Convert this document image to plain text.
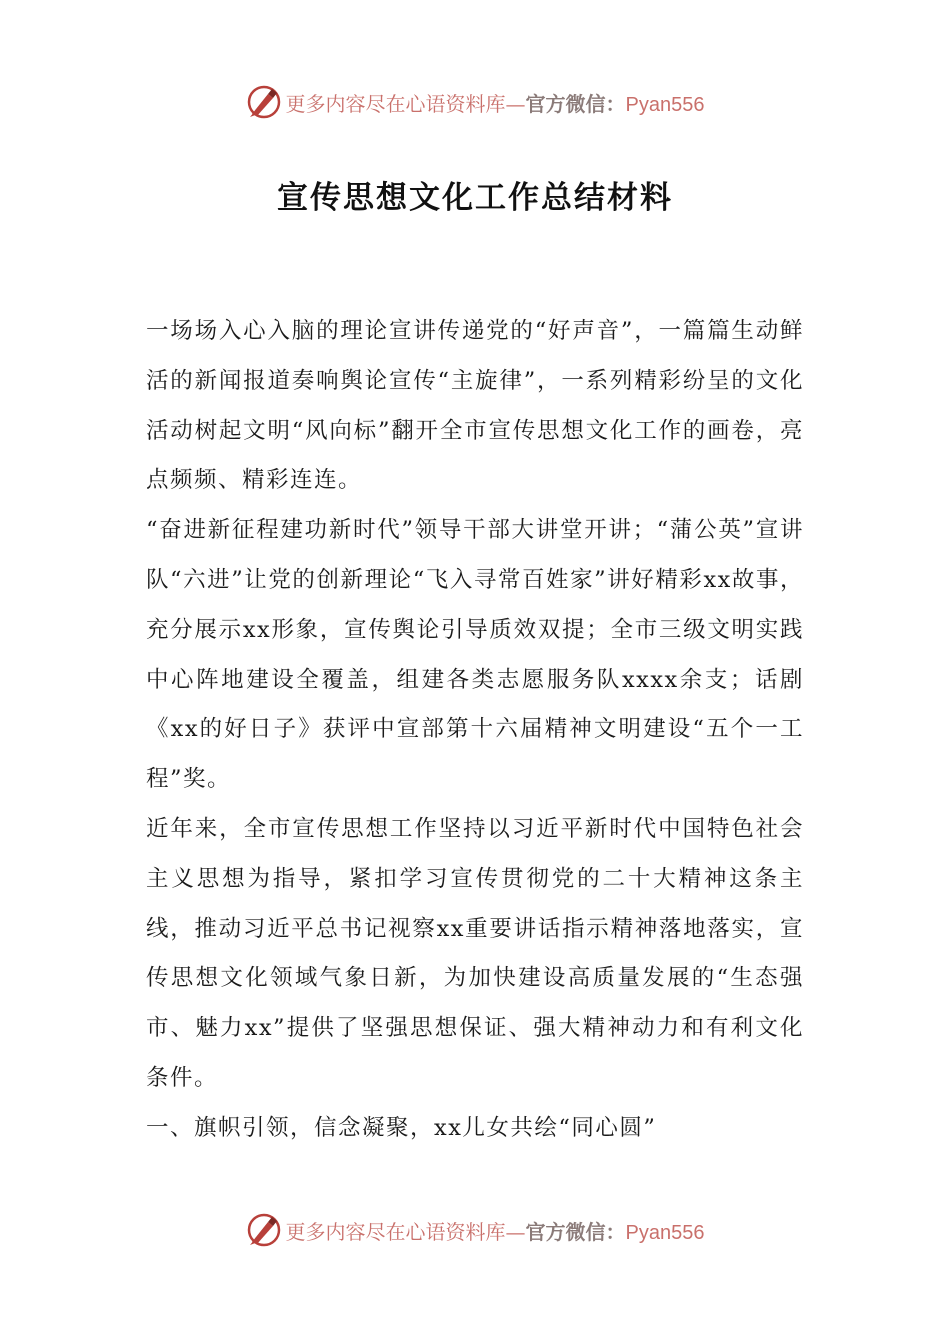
更多内容尽在心语资料库—官方微信：Pyan556
宣传思想文化工作总结材料

一场场入心入脑的理论宣讲传递党的“好声音”，一篇篇生动鲜活的新闻报道奏响舆论宣传“主旋律”，一系列精彩纷呈的文化活动树起文明“风向标”翻开全市宣传思想文化工作的画卷，亮点频频、精彩连连。

“奋进新征程建功新时代”领导干部大讲堂开讲；“蒲公英”宣讲队“六进”让党的创新理论“飞入寻常百姓家”讲好精彩xx故事，充分展示xx形象，宣传舆论引导质效双提；全市三级文明实践中心阵地建设全覆盖，组建各类志愿服务队xxxx余支；话剧《xx的好日子》获评中宣部第十六届精神文明建设“五个一工程”奖。

近年来，全市宣传思想工作坚持以习近平新时代中国特色社会主义思想为指导，紧扣学习宣传贯彻党的二十大精神这条主线，推动习近平总书记视察xx重要讲话指示精神落地落实，宣传思想文化领域气象日新，为加快建设高质量发展的“生态强市、魅力xx”提供了坚强思想保证、强大精神动力和有利文化条件。

一、旗帜引领，信念凝聚，xx儿女共绘“同心圆”

更多内容尽在心语资料库—官方微信：Pyan556
